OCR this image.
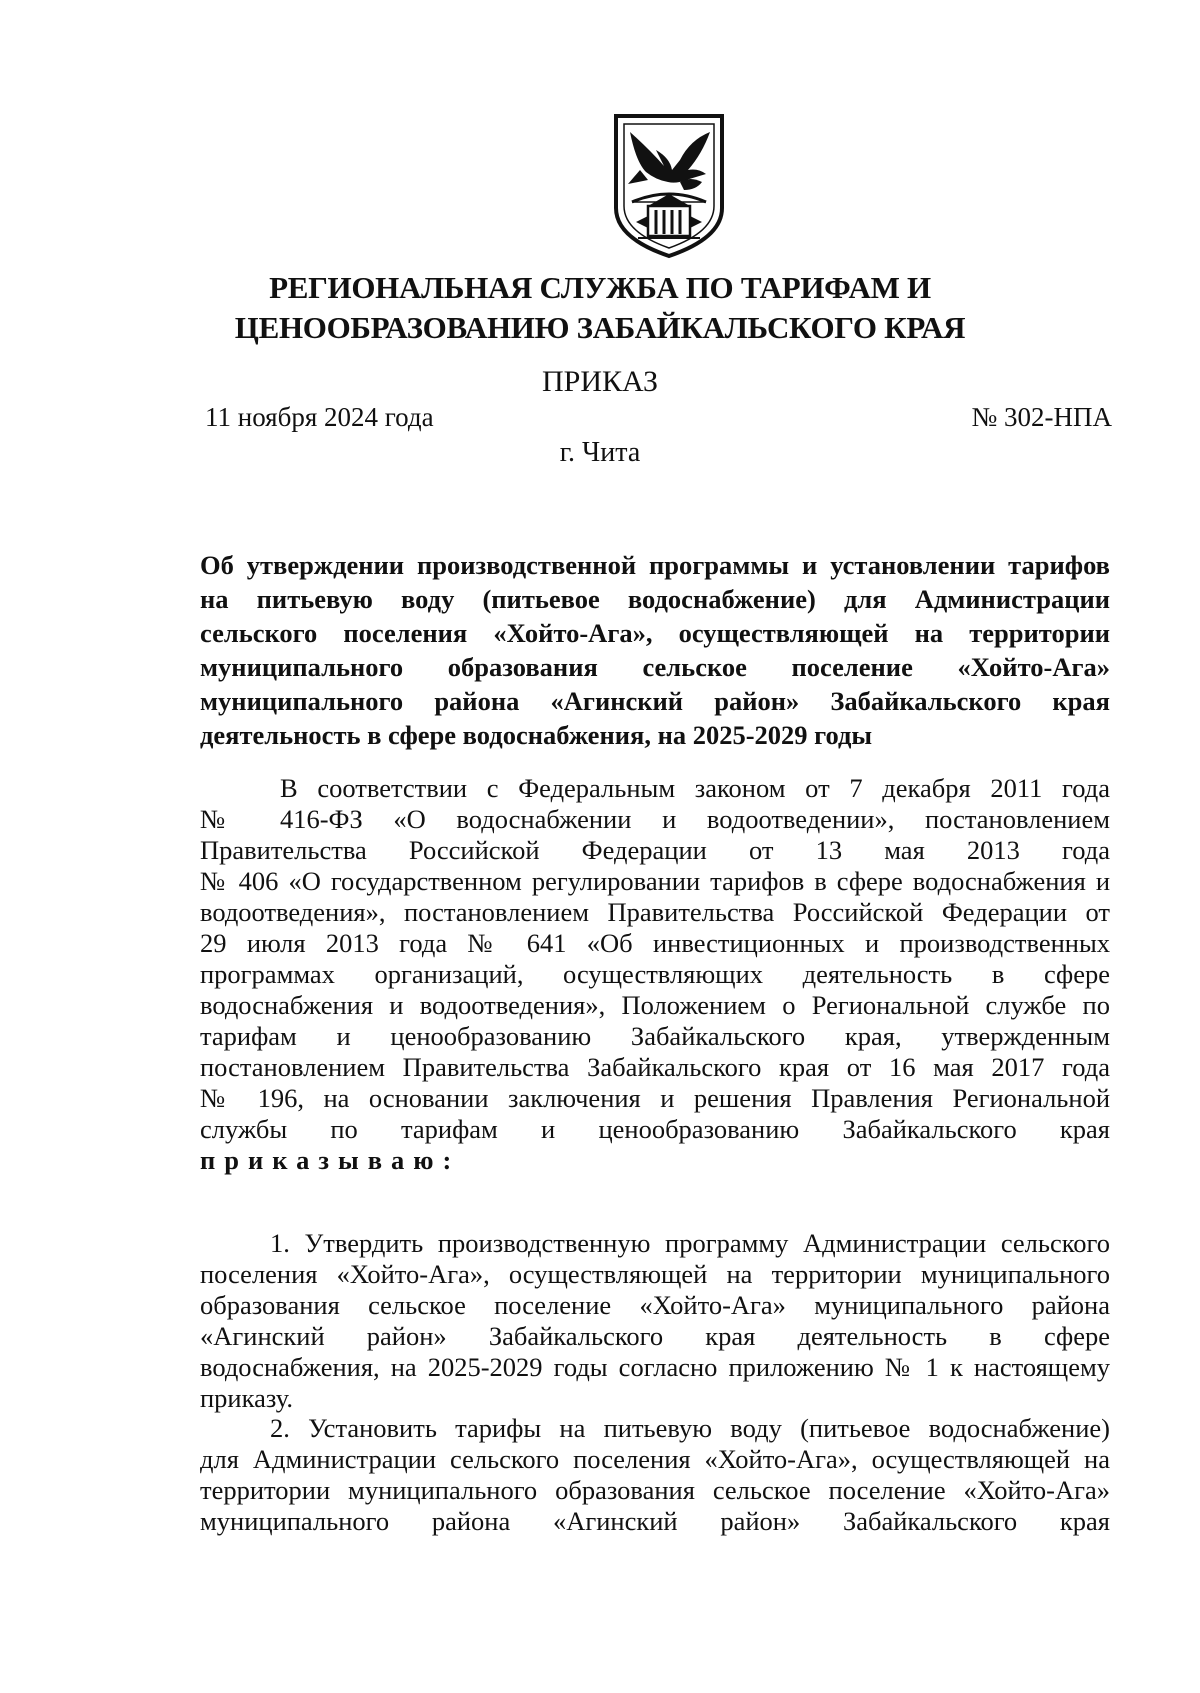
РЕГИОНАЛЬНАЯ СЛУЖБА ПО ТАРИФАМ И
ЦЕНООБРАЗОВАНИЮ ЗАБАЙКАЛЬСКОГО КРАЯ
ПРИКАЗ
11 ноября 2024 года	№ 302-НПА
г. Чита
Об утверждении производственной программы и установлении тарифов
на питьевую воду (питьевое водоснабжение) для Администрации
сельского поселения «Хойто-Ага», осуществляющей на территории
муниципального образования сельское поселение «Хойто-Ага»
муниципального района «Агинский район» Забайкальского края
деятельность в сфере водоснабжения, на 2025-2029 годы
В соответствии с Федеральным законом от 7 декабря 2011 года
№ 416-ФЗ «О водоснабжении и водоотведении», постановлением
Правительства Российской Федерации от 13 мая 2013 года
№ 406 «О государственном регулировании тарифов в сфере водоснабжения и
водоотведения», постановлением Правительства Российской Федерации от
29 июля 2013 года № 641 «Об инвестиционных и производственных
программах организаций, осуществляющих деятельность в сфере
водоснабжения и водоотведения», Положением о Региональной службе по
тарифам и ценообразованию Забайкальского края, утвержденным
постановлением Правительства Забайкальского края от 16 мая 2017 года
№ 196, на основании заключения и решения Правления Региональной
службы по тарифам и ценообразованию Забайкальского края
приказываю:
1. Утвердить производственную программу Администрации сельского
поселения «Хойто-Ага», осуществляющей на территории муниципального
образования сельское поселение «Хойто-Ага» муниципального района
«Агинский район» Забайкальского края деятельность в сфере
водоснабжения, на 2025-2029 годы согласно приложению № 1 к настоящему
приказу.
2. Установить тарифы на питьевую воду (питьевое водоснабжение)
для Администрации сельского поселения «Хойто-Ага», осуществляющей на
территории муниципального образования сельское поселение «Хойто-Ага»
муниципального района «Агинский район» Забайкальского края
